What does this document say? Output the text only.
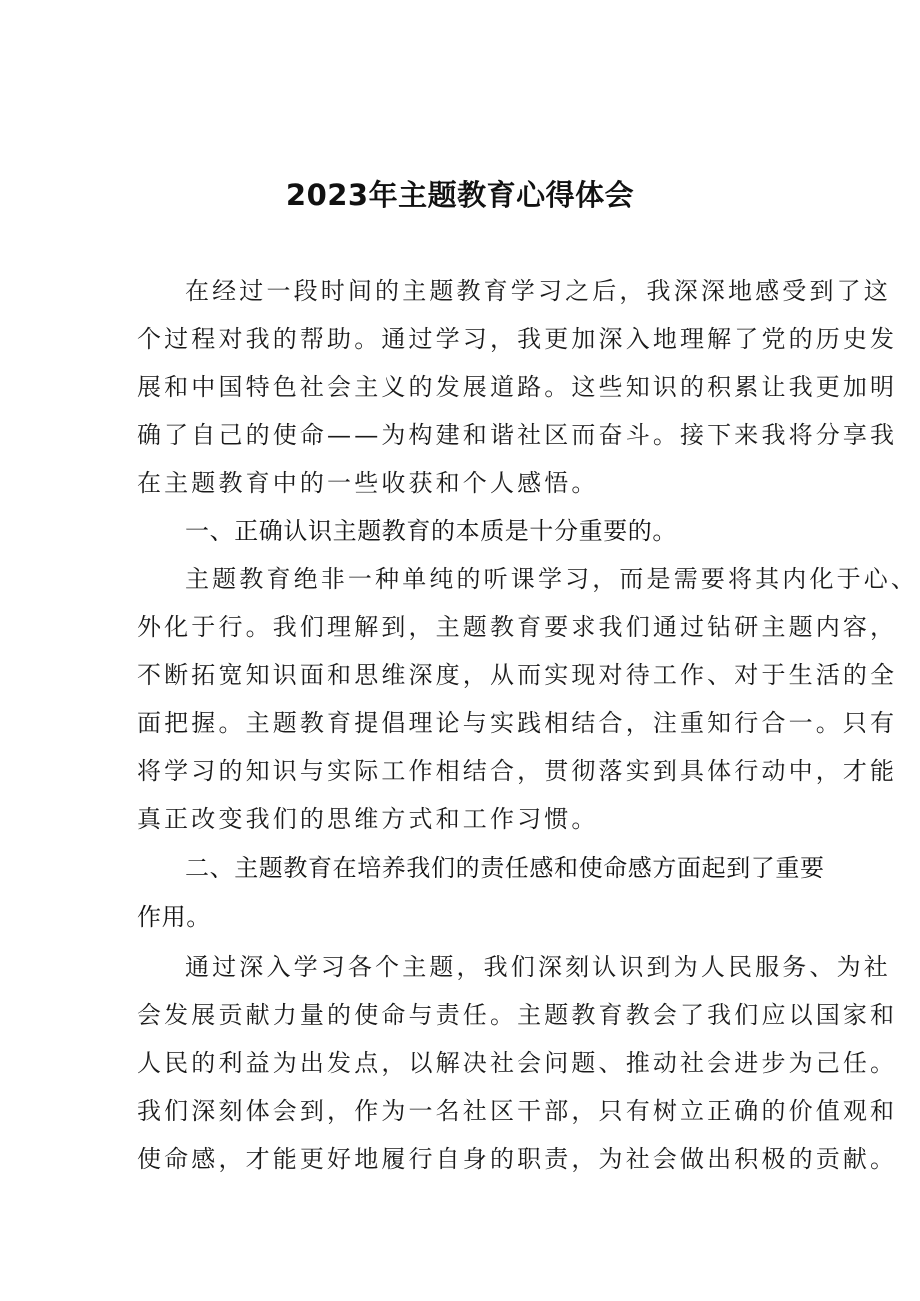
2023年主题教育心得体会
在经过一段时间的主题教育学习之后，我深深地感受到了这
个过程对我的帮助。通过学习，我更加深入地理解了党的历史发
展和中国特色社会主义的发展道路。这些知识的积累让我更加明
确了自己的使命——为构建和谐社区而奋斗。接下来我将分享我
在主题教育中的一些收获和个人感悟。
一、正确认识主题教育的本质是十分重要的。
主题教育绝非一种单纯的听课学习，而是需要将其内化于心、
外化于行。我们理解到，主题教育要求我们通过钻研主题内容，
不断拓宽知识面和思维深度，从而实现对待工作、对于生活的全
面把握。主题教育提倡理论与实践相结合，注重知行合一。只有
将学习的知识与实际工作相结合，贯彻落实到具体行动中，才能
真正改变我们的思维方式和工作习惯。
二、主题教育在培养我们的责任感和使命感方面起到了重要
作用。
通过深入学习各个主题，我们深刻认识到为人民服务、为社
会发展贡献力量的使命与责任。主题教育教会了我们应以国家和
人民的利益为出发点，以解决社会问题、推动社会进步为己任。
我们深刻体会到，作为一名社区干部，只有树立正确的价值观和
使命感，才能更好地履行自身的职责，为社会做出积极的贡献。
